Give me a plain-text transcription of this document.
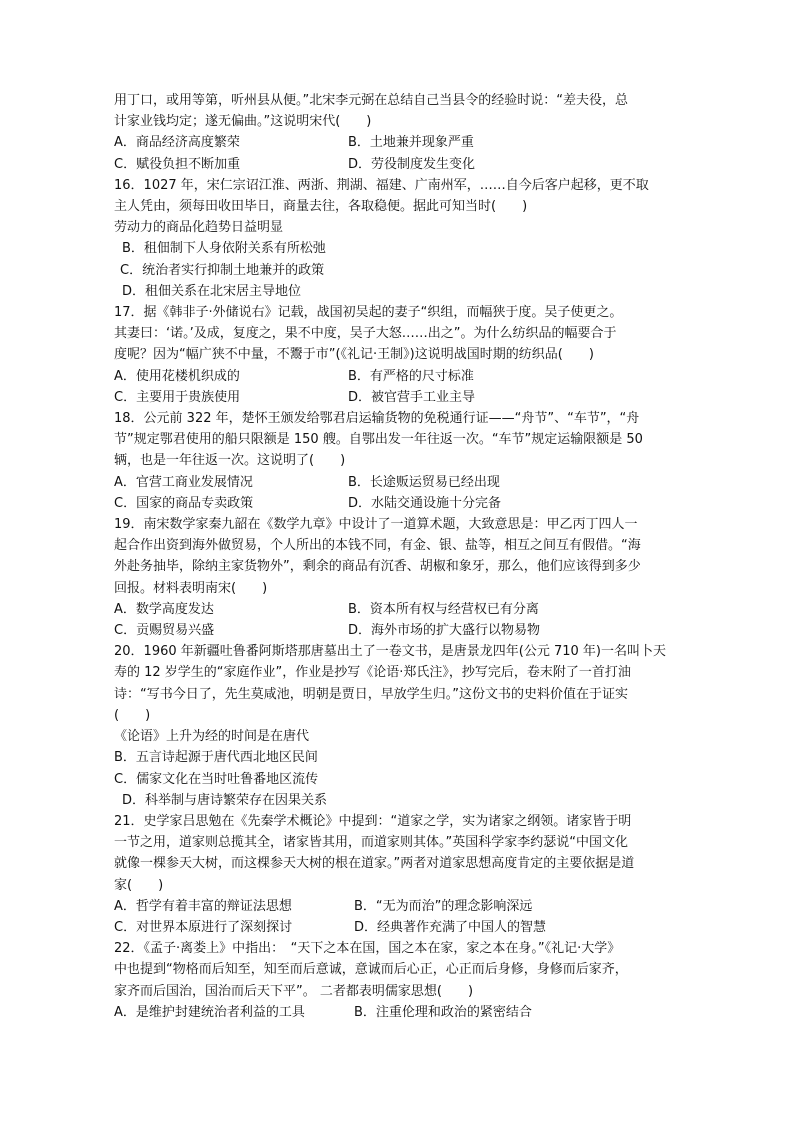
用丁口，或用等第，听州县从便。”北宋李元弼在总结自己当县令的经验时说：“差夫役，总
计家业钱均定；遂无偏曲。”这说明宋代(　　)
A．商品经济高度繁荣	B．土地兼并现象严重
C．赋役负担不断加重	D．劳役制度发生变化
16．1027 年，宋仁宗诏江淮、两浙、荆湖、福建、广南州军，……自今后客户起移，更不取
主人凭由，须每田收田毕日，商量去往，各取稳便。据此可知当时(　　)
劳动力的商品化趋势日益明显
B．租佃制下人身依附关系有所松弛
C．统治者实行抑制土地兼并的政策
D．租佃关系在北宋居主导地位
17．据《韩非子·外储说右》记载，战国初吴起的妻子“织组，而幅狭于度。吴子使更之。
其妻曰：‘诺。’及成，复度之，果不中度，吴子大怒……出之”。为什么纺织品的幅要合于
度呢？因为“幅广狭不中量，不鬻于市”(《礼记·王制》)这说明战国时期的纺织品(　　)
A．使用花楼机织成的	B．有严格的尺寸标准
C．主要用于贵族使用	D．被官营手工业主导
18．公元前 322 年，楚怀王颁发给鄂君启运输货物的免税通行证——“舟节”、“车节”，“舟
节”规定鄂君使用的船只限额是 150 艘。自鄂出发一年往返一次。“车节”规定运输限额是 50
辆，也是一年往返一次。这说明了(　　)
A．官营工商业发展情况	B．长途贩运贸易已经出现
C．国家的商品专卖政策	D．水陆交通设施十分完备
19．南宋数学家秦九韶在《数学九章》中设计了一道算术题，大致意思是：甲乙丙丁四人一
起合作出资到海外做贸易，个人所出的本钱不同，有金、银、盐等，相互之间互有假借。“海
外赴务抽毕，除纳主家货物外”，剩余的商品有沉香、胡椒和象牙，那么，他们应该得到多少
回报。材料表明南宋(　　)
A．数学高度发达	B．资本所有权与经营权已有分离
C．贡赐贸易兴盛	D．海外市场的扩大盛行以物易物
20．1960 年新疆吐鲁番阿斯塔那唐墓出土了一卷文书，是唐景龙四年(公元 710 年)一名叫卜天
寿的 12 岁学生的“家庭作业”，作业是抄写《论语·郑氏注》，抄写完后，卷末附了一首打油
诗：“写书今日了，先生莫咸池，明朝是贾日，早放学生归。”这份文书的史料价值在于证实
(　　)
《论语》上升为经的时间是在唐代
B．五言诗起源于唐代西北地区民间
C．儒家文化在当时吐鲁番地区流传
D．科举制与唐诗繁荣存在因果关系
21．史学家吕思勉在《先秦学术概论》中提到：“道家之学，实为诸家之纲领。诸家皆于明
一节之用，道家则总揽其全，诸家皆其用，而道家则其体。”英国科学家李约瑟说“中国文化
就像一棵参天大树，而这棵参天大树的根在道家。”两者对道家思想高度肯定的主要依据是道
家(　　)
A．哲学有着丰富的辩证法思想	B．“无为而治”的理念影响深远
C．对世界本原进行了深刻探讨	D．经典著作充满了中国人的智慧
22．《孟子·离娄上》中指出：　“天下之本在国，国之本在家，家之本在身。”《礼记·大学》
中也提到“物格而后知至，知至而后意诚，意诚而后心正，心正而后身修，身修而后家齐，
家齐而后国治，国治而后天下平”。 二者都表明儒家思想(　　)
A．是维护封建统治者利益的工具	B．注重伦理和政治的紧密结合
